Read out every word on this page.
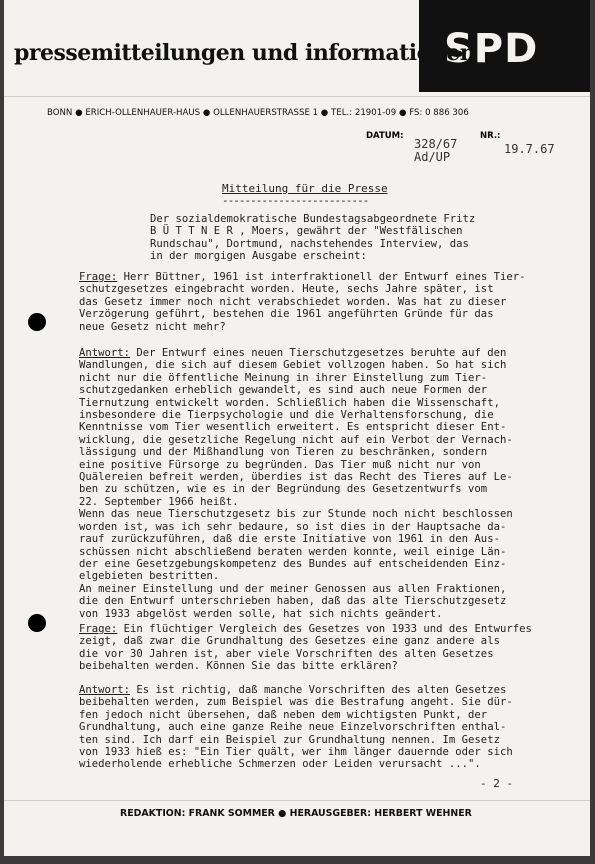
SPD
pressemitteilungen und informationen
BONN ● ERICH-OLLENHAUER-HAUS ● OLLENHAUERSTRASSE 1 ● TEL.: 21901-09 ● FS: 0 886 306
DATUM:	NR.:
328/67
Ad/UP
19.7.67
Mitteilung für die Presse
--------------------------
Der sozialdemokratische Bundestagsabgeordnete Fritz
B Ü T T N E R , Moers, gewährt der "Westfälischen
Rundschau", Dortmund, nachstehendes Interview, das
in der morgigen Ausgabe erscheint:
Frage: Herr Büttner, 1961 ist interfraktionell der Entwurf eines Tier-
schutzgesetzes eingebracht worden. Heute, sechs Jahre später, ist
das Gesetz immer noch nicht verabschiedet worden. Was hat zu dieser
Verzögerung geführt, bestehen die 1961 angeführten Gründe für das
neue Gesetz nicht mehr?
Antwort: Der Entwurf eines neuen Tierschutzgesetzes beruhte auf den
Wandlungen, die sich auf diesem Gebiet vollzogen haben. So hat sich
nicht nur die öffentliche Meinung in ihrer Einstellung zum Tier-
schutzgedanken erheblich gewandelt, es sind auch neue Formen der
Tiernutzung entwickelt worden. Schließlich haben die Wissenschaft,
insbesondere die Tierpsychologie und die Verhaltensforschung, die
Kenntnisse vom Tier wesentlich erweitert. Es entspricht dieser Ent-
wicklung, die gesetzliche Regelung nicht auf ein Verbot der Vernach-
lässigung und der Mißhandlung von Tieren zu beschränken, sondern
eine positive Fürsorge zu begründen. Das Tier muß nicht nur von
Quälereien befreit werden, überdies ist das Recht des Tieres auf Le-
ben zu schützen, wie es in der Begründung des Gesetzentwurfs vom
22. September 1966 heißt.
Wenn das neue Tierschutzgesetz bis zur Stunde noch nicht beschlossen
worden ist, was ich sehr bedaure, so ist dies in der Hauptsache da-
rauf zurückzuführen, daß die erste Initiative von 1961 in den Aus-
schüssen nicht abschließend beraten werden konnte, weil einige Län-
der eine Gesetzgebungskompetenz des Bundes auf entscheidenden Einz-
elgebieten bestritten.
An meiner Einstellung und der meiner Genossen aus allen Fraktionen,
die den Entwurf unterschrieben haben, daß das alte Tierschutzgesetz
von 1933 abgelöst werden solle, hat sich nichts geändert.
Frage: Ein flüchtiger Vergleich des Gesetzes von 1933 und des Entwurfes
zeigt, daß zwar die Grundhaltung des Gesetzes eine ganz andere als
die vor 30 Jahren ist, aber viele Vorschriften des alten Gesetzes
beibehalten werden. Können Sie das bitte erklären?
Antwort: Es ist richtig, daß manche Vorschriften des alten Gesetzes
beibehalten werden, zum Beispiel was die Bestrafung angeht. Sie dür-
fen jedoch nicht übersehen, daß neben dem wichtigsten Punkt, der
Grundhaltung, auch eine ganze Reihe neue Einzelvorschriften enthal-
ten sind. Ich darf ein Beispiel zur Grundhaltung nennen. Im Gesetz
von 1933 hieß es: "Ein Tier quält, wer ihm länger dauernde oder sich
wiederholende erhebliche Schmerzen oder Leiden verursacht ...".
- 2 -
REDAKTION: FRANK SOMMER ● HERAUSGEBER: HERBERT WEHNER
